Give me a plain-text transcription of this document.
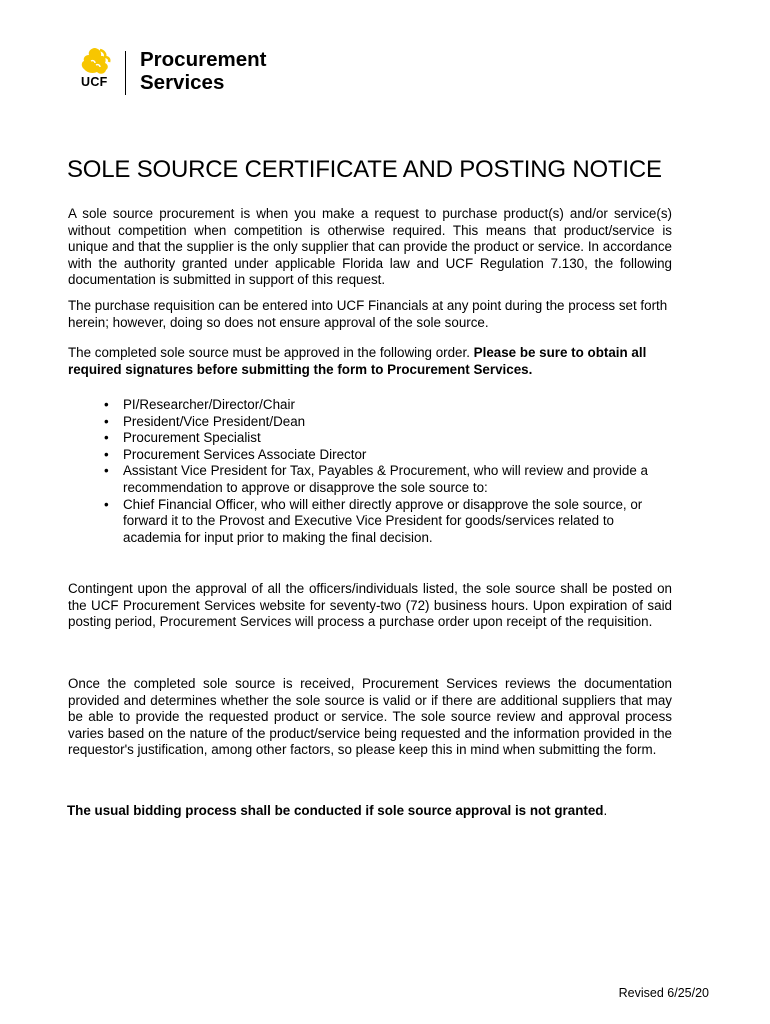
UCF
Procurement
Services
SOLE SOURCE CERTIFICATE AND POSTING NOTICE

A sole source procurement is when you make a request to purchase product(s) and/or service(s) without competition when competition is otherwise required. This means that product/service is unique and that the supplier is the only supplier that can provide the product or service. In accordance with the authority granted under applicable Florida law and UCF Regulation 7.130, the following documentation is submitted in support of this request.

The purchase requisition can be entered into UCF Financials at any point during the process set forth herein; however, doing so does not ensure approval of the sole source.

The completed sole source must be approved in the following order. Please be sure to obtain all required signatures before submitting the form to Procurement Services.

• PI/Researcher/Director/Chair
• President/Vice President/Dean
• Procurement Specialist
• Procurement Services Associate Director
• Assistant Vice President for Tax, Payables & Procurement, who will review and provide a recommendation to approve or disapprove the sole source to:
• Chief Financial Officer, who will either directly approve or disapprove the sole source, or forward it to the Provost and Executive Vice President for goods/services related to academia for input prior to making the final decision.

Contingent upon the approval of all the officers/individuals listed, the sole source shall be posted on the UCF Procurement Services website for seventy-two (72) business hours. Upon expiration of said posting period, Procurement Services will process a purchase order upon receipt of the requisition.

Once the completed sole source is received, Procurement Services reviews the documentation provided and determines whether the sole source is valid or if there are additional suppliers that may be able to provide the requested product or service. The sole source review and approval process varies based on the nature of the product/service being requested and the information provided in the requestor's justification, among other factors, so please keep this in mind when submitting the form.

The usual bidding process shall be conducted if sole source approval is not granted.

Revised 6/25/20
